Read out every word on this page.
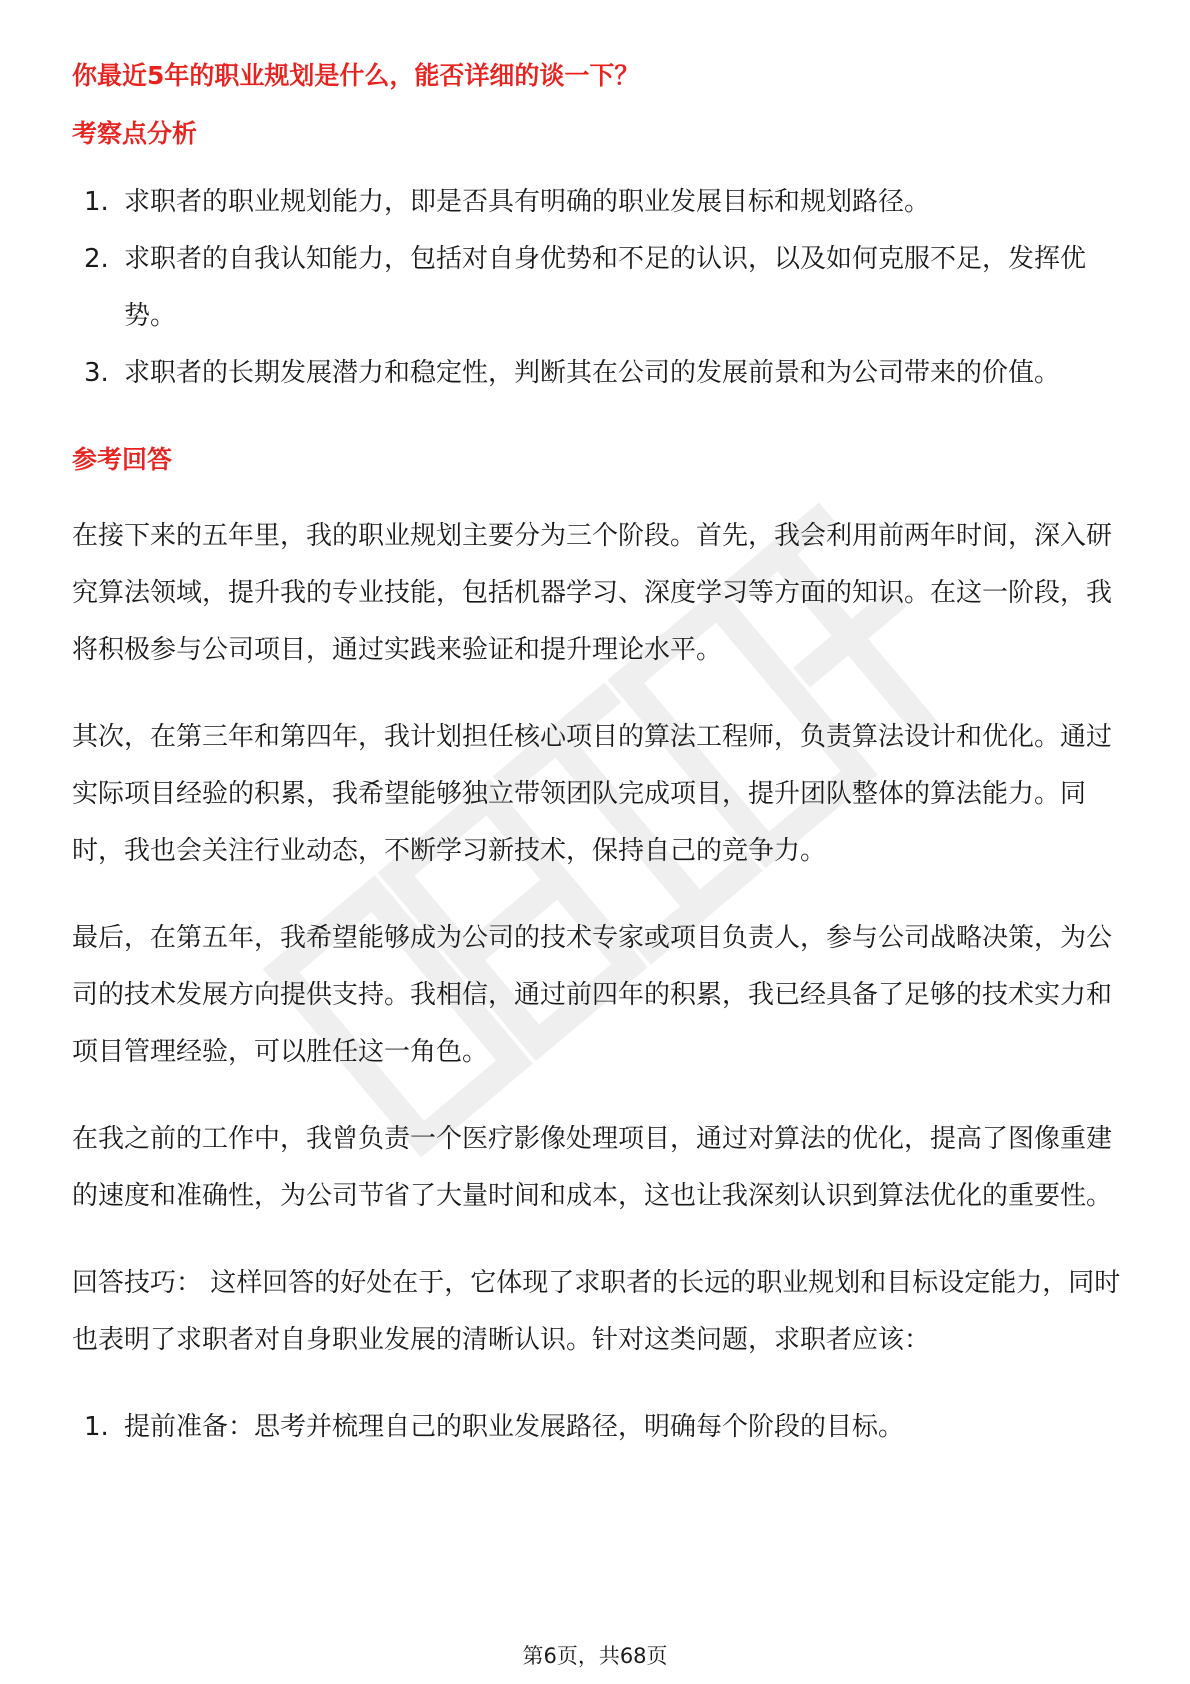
你最近5年的职业规划是什么，能否详细的谈一下？
考察点分析
1. 求职者的职业规划能力，即是否具有明确的职业发展目标和规划路径。
2. 求职者的自我认知能力，包括对自身优势和不足的认识，以及如何克服不足，发挥优势。
3. 求职者的长期发展潜力和稳定性，判断其在公司的发展前景和为公司带来的价值。
参考回答

在接下来的五年里，我的职业规划主要分为三个阶段。首先，我会利用前两年时间，深入研究算法领域，提升我的专业技能，包括机器学习、深度学习等方面的知识。在这一阶段，我将积极参与公司项目，通过实践来验证和提升理论水平。

其次，在第三年和第四年，我计划担任核心项目的算法工程师，负责算法设计和优化。通过实际项目经验的积累，我希望能够独立带领团队完成项目，提升团队整体的算法能力。同时，我也会关注行业动态，不断学习新技术，保持自己的竞争力。

最后，在第五年，我希望能够成为公司的技术专家或项目负责人，参与公司战略决策，为公司的技术发展方向提供支持。我相信，通过前四年的积累，我已经具备了足够的技术实力和项目管理经验，可以胜任这一角色。

在我之前的工作中，我曾负责一个医疗影像处理项目，通过对算法的优化，提高了图像重建的速度和准确性，为公司节省了大量时间和成本，这也让我深刻认识到算法优化的重要性。

回答技巧： 这样回答的好处在于，它体现了求职者的长远的职业规划和目标设定能力，同时也表明了求职者对自身职业发展的清晰认识。针对这类问题，求职者应该：

1. 提前准备：思考并梳理自己的职业发展路径，明确每个阶段的目标。
第6页，共68页
